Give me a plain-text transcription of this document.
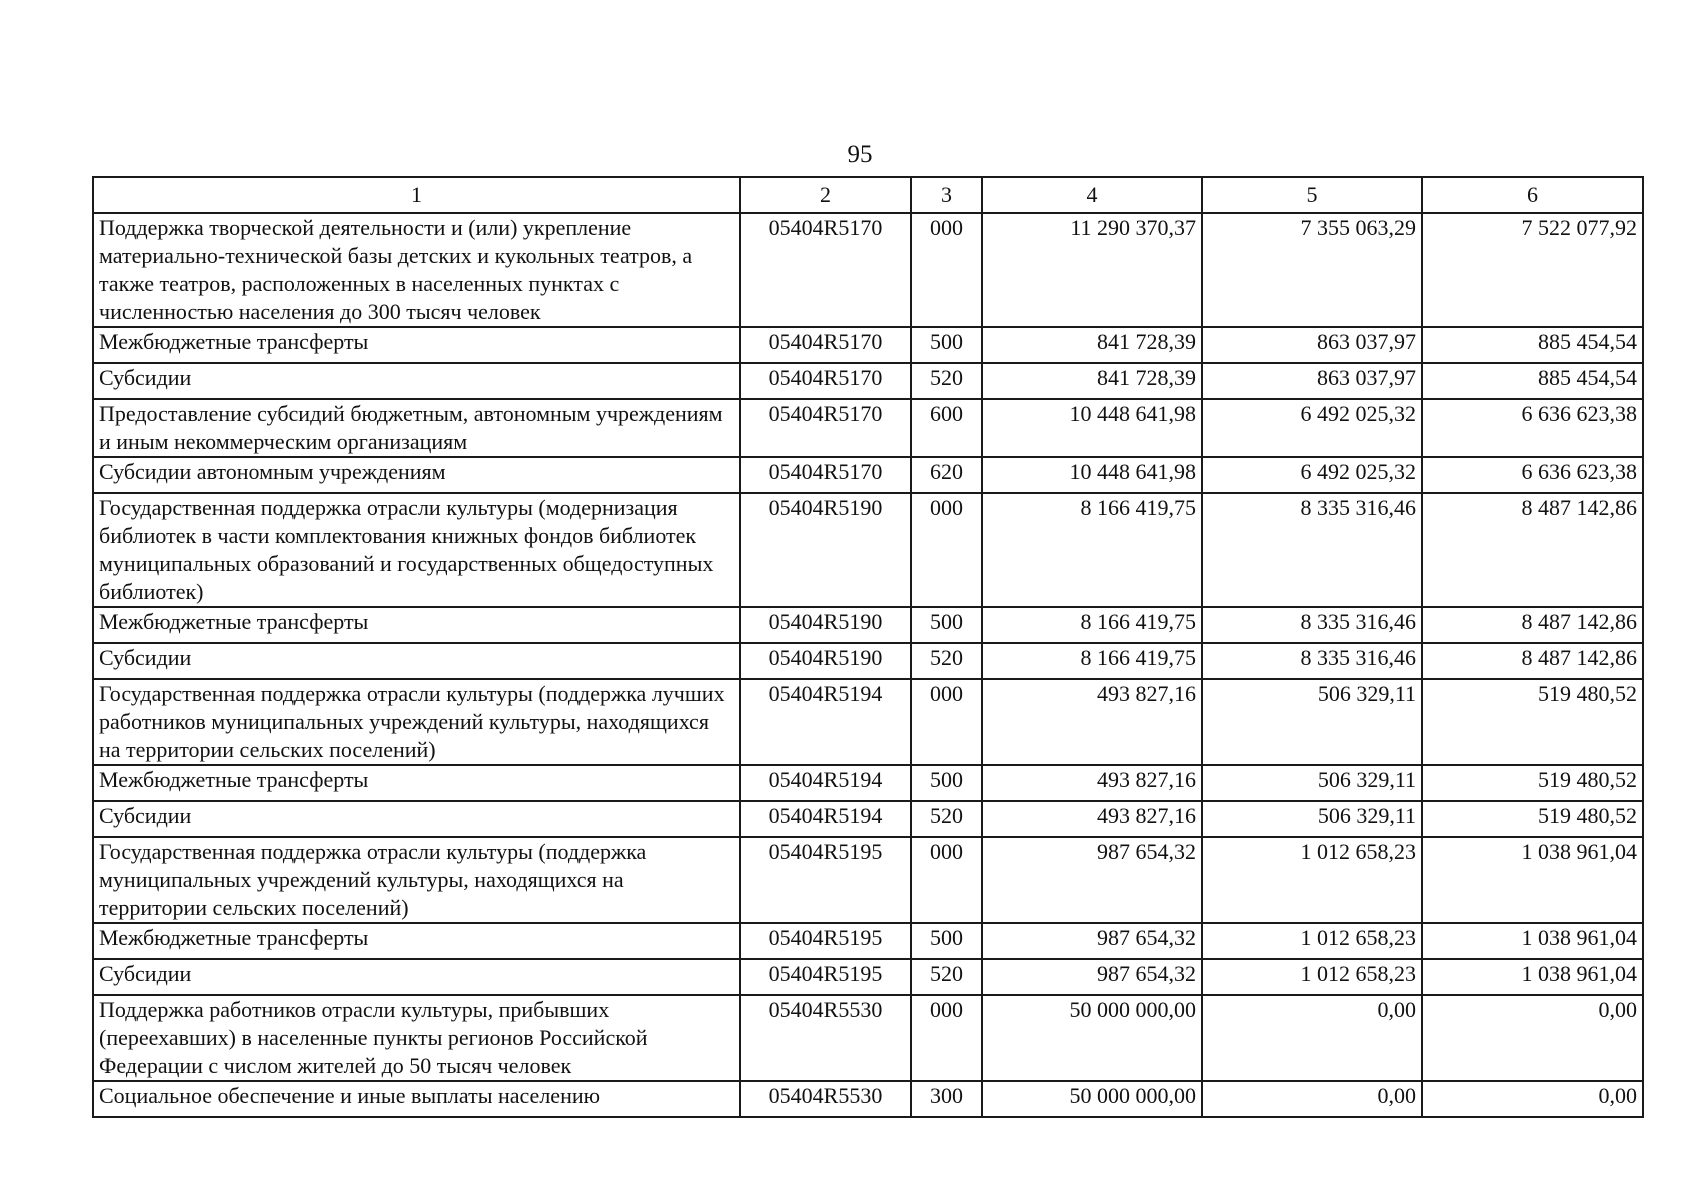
95
1	2	3	4	5	6
Поддержка творческой деятельности и (или) укрепление материально-технической базы детских и кукольных театров, а также театров, расположенных в населенных пунктах с численностью населения до 300 тысяч человек	05404R5170	000	11 290 370,37	7 355 063,29	7 522 077,92
Межбюджетные трансферты	05404R5170	500	841 728,39	863 037,97	885 454,54
Субсидии	05404R5170	520	841 728,39	863 037,97	885 454,54
Предоставление субсидий бюджетным, автономным учреждениям и иным некоммерческим организациям	05404R5170	600	10 448 641,98	6 492 025,32	6 636 623,38
Субсидии автономным учреждениям	05404R5170	620	10 448 641,98	6 492 025,32	6 636 623,38
Государственная поддержка отрасли культуры (модернизация библиотек в части комплектования книжных фондов библиотек муниципальных образований и государственных общедоступных библиотек)	05404R5190	000	8 166 419,75	8 335 316,46	8 487 142,86
Межбюджетные трансферты	05404R5190	500	8 166 419,75	8 335 316,46	8 487 142,86
Субсидии	05404R5190	520	8 166 419,75	8 335 316,46	8 487 142,86
Государственная поддержка отрасли культуры (поддержка лучших работников муниципальных учреждений культуры, находящихся на территории сельских поселений)	05404R5194	000	493 827,16	506 329,11	519 480,52
Межбюджетные трансферты	05404R5194	500	493 827,16	506 329,11	519 480,52
Субсидии	05404R5194	520	493 827,16	506 329,11	519 480,52
Государственная поддержка отрасли культуры (поддержка муниципальных учреждений культуры, находящихся на территории сельских поселений)	05404R5195	000	987 654,32	1 012 658,23	1 038 961,04
Межбюджетные трансферты	05404R5195	500	987 654,32	1 012 658,23	1 038 961,04
Субсидии	05404R5195	520	987 654,32	1 012 658,23	1 038 961,04
Поддержка работников отрасли культуры, прибывших (переехавших) в населенные пункты регионов Российской Федерации с числом жителей до 50 тысяч человек	05404R5530	000	50 000 000,00	0,00	0,00
Социальное обеспечение и иные выплаты населению	05404R5530	300	50 000 000,00	0,00	0,00
